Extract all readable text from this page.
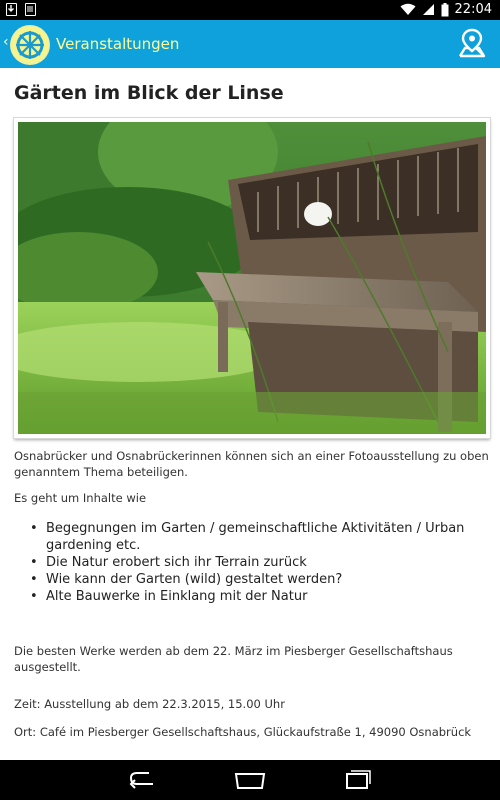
22:04
‹	Veranstaltungen
Gärten im Blick der Linse

Osnabrücker und Osnabrückerinnen können sich an einer Fotoausstellung zu oben genanntem Thema beteiligen.

Es geht um Inhalte wie

• Begegnungen im Garten / gemeinschaftliche Aktivitäten / Urban gardening etc.
• Die Natur erobert sich ihr Terrain zurück
• Wie kann der Garten (wild) gestaltet werden?
• Alte Bauwerke in Einklang mit der Natur

Die besten Werke werden ab dem 22. März im Piesberger Gesellschaftshaus ausgestellt.

Zeit: Ausstellung ab dem 22.3.2015, 15.00 Uhr

Ort: Café im Piesberger Gesellschaftshaus, Glückaufstraße 1, 49090 Osnabrück
